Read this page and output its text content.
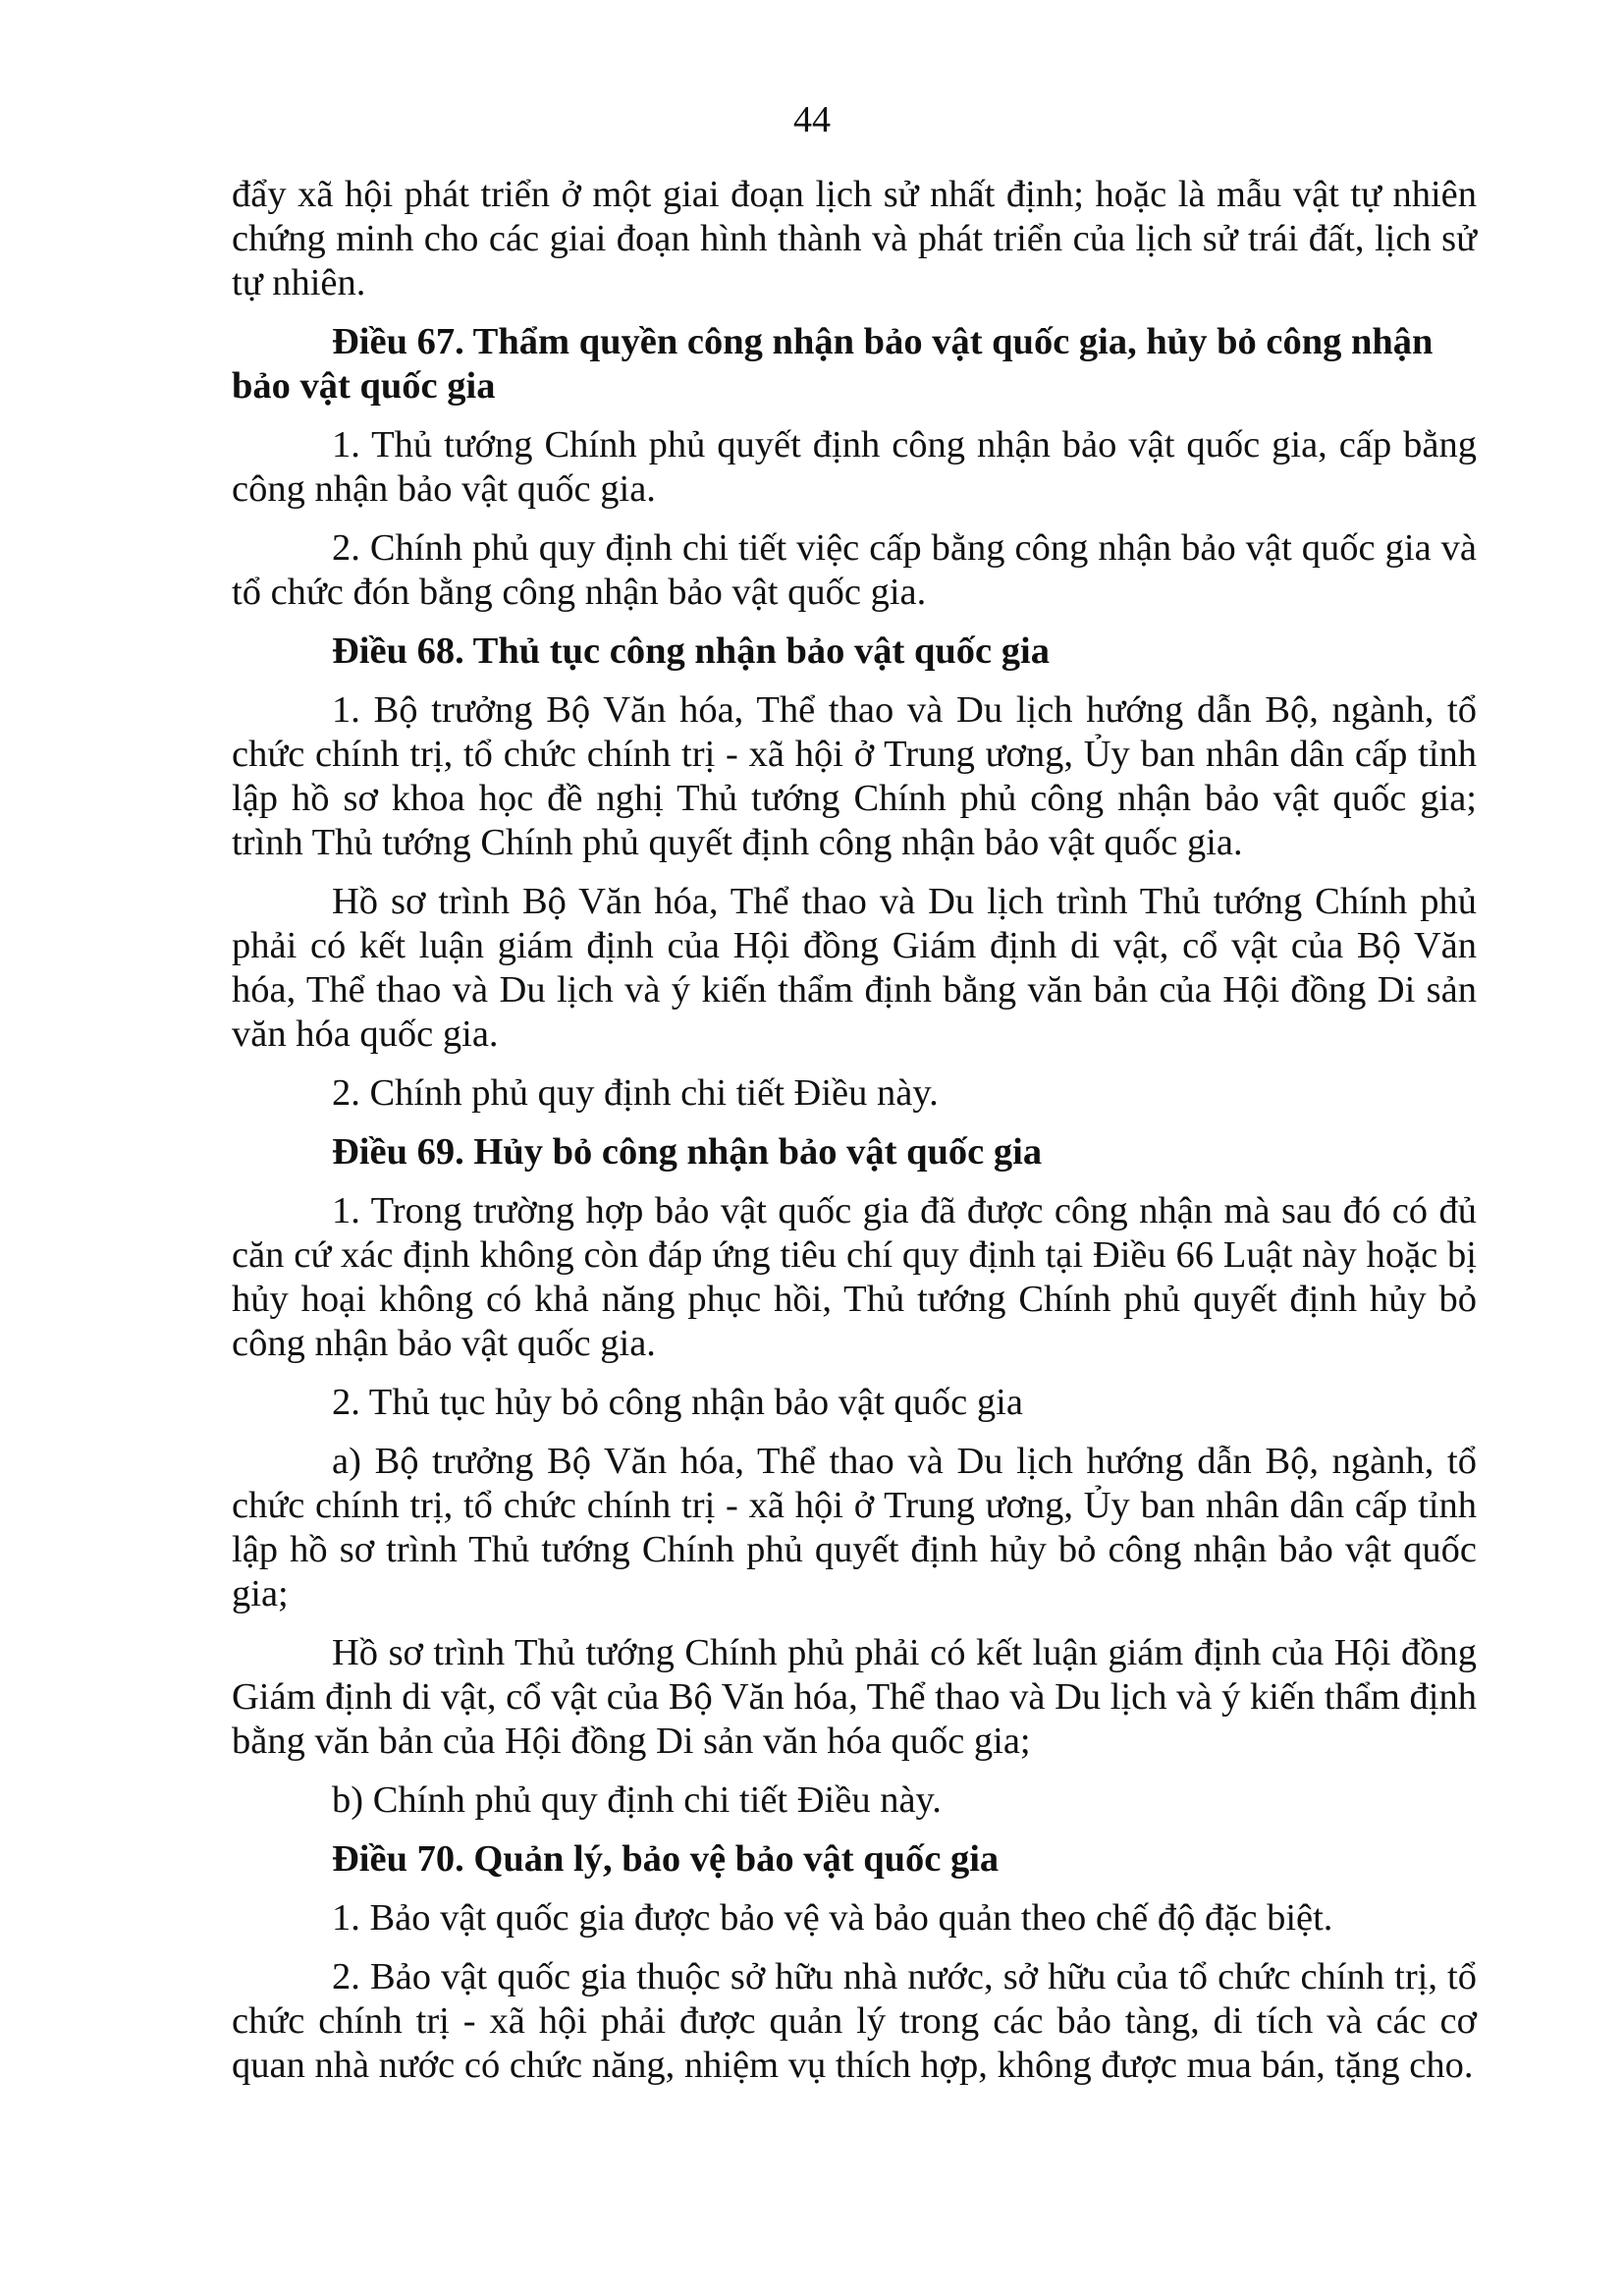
44

đẩy xã hội phát triển ở một giai đoạn lịch sử nhất định; hoặc là mẫu vật tự nhiên chứng minh cho các giai đoạn hình thành và phát triển của lịch sử trái đất, lịch sử tự nhiên.

Điều 67. Thẩm quyền công nhận bảo vật quốc gia, hủy bỏ công nhận bảo vật quốc gia

1. Thủ tướng Chính phủ quyết định công nhận bảo vật quốc gia, cấp bằng công nhận bảo vật quốc gia.

2. Chính phủ quy định chi tiết việc cấp bằng công nhận bảo vật quốc gia và tổ chức đón bằng công nhận bảo vật quốc gia.

Điều 68. Thủ tục công nhận bảo vật quốc gia

1. Bộ trưởng Bộ Văn hóa, Thể thao và Du lịch hướng dẫn Bộ, ngành, tổ chức chính trị, tổ chức chính trị - xã hội ở Trung ương, Ủy ban nhân dân cấp tỉnh lập hồ sơ khoa học đề nghị Thủ tướng Chính phủ công nhận bảo vật quốc gia; trình Thủ tướng Chính phủ quyết định công nhận bảo vật quốc gia.

Hồ sơ trình Bộ Văn hóa, Thể thao và Du lịch trình Thủ tướng Chính phủ phải có kết luận giám định của Hội đồng Giám định di vật, cổ vật của Bộ Văn hóa, Thể thao và Du lịch và ý kiến thẩm định bằng văn bản của Hội đồng Di sản văn hóa quốc gia.

2. Chính phủ quy định chi tiết Điều này.

Điều 69. Hủy bỏ công nhận bảo vật quốc gia

1. Trong trường hợp bảo vật quốc gia đã được công nhận mà sau đó có đủ căn cứ xác định không còn đáp ứng tiêu chí quy định tại Điều 66 Luật này hoặc bị hủy hoại không có khả năng phục hồi, Thủ tướng Chính phủ quyết định hủy bỏ công nhận bảo vật quốc gia.

2. Thủ tục hủy bỏ công nhận bảo vật quốc gia

a) Bộ trưởng Bộ Văn hóa, Thể thao và Du lịch hướng dẫn Bộ, ngành, tổ chức chính trị, tổ chức chính trị - xã hội ở Trung ương, Ủy ban nhân dân cấp tỉnh lập hồ sơ trình Thủ tướng Chính phủ quyết định hủy bỏ công nhận bảo vật quốc gia;

Hồ sơ trình Thủ tướng Chính phủ phải có kết luận giám định của Hội đồng Giám định di vật, cổ vật của Bộ Văn hóa, Thể thao và Du lịch và ý kiến thẩm định bằng văn bản của Hội đồng Di sản văn hóa quốc gia;

b) Chính phủ quy định chi tiết Điều này.

Điều 70. Quản lý, bảo vệ bảo vật quốc gia

1. Bảo vật quốc gia được bảo vệ và bảo quản theo chế độ đặc biệt.

2. Bảo vật quốc gia thuộc sở hữu nhà nước, sở hữu của tổ chức chính trị, tổ chức chính trị - xã hội phải được quản lý trong các bảo tàng, di tích và các cơ quan nhà nước có chức năng, nhiệm vụ thích hợp, không được mua bán, tặng cho.
